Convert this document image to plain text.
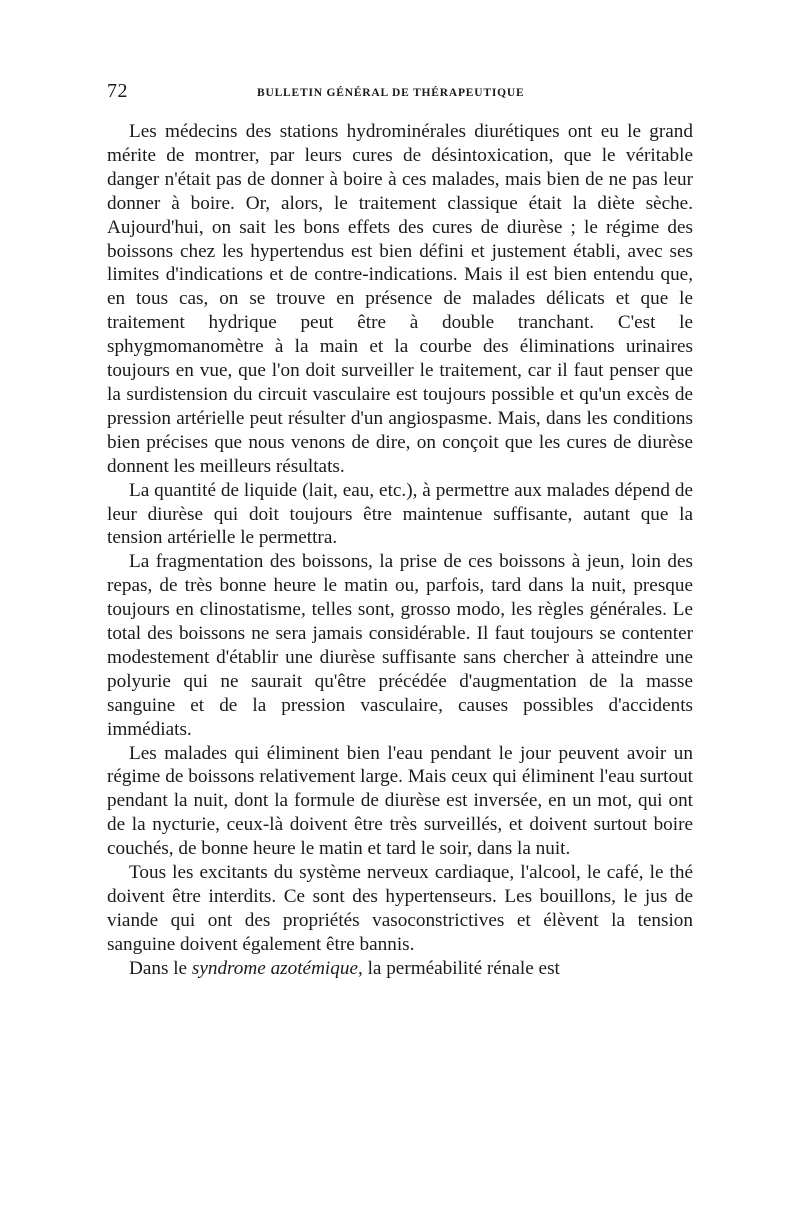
72	BULLETIN GÉNÉRAL DE THÉRAPEUTIQUE

Les médecins des stations hydrominérales diurétiques ont eu le grand mérite de montrer, par leurs cures de désintoxication, que le véritable danger n'était pas de donner à boire à ces malades, mais bien de ne pas leur donner à boire. Or, alors, le traitement classique était la diète sèche. Aujourd'hui, on sait les bons effets des cures de diurèse ; le régime des boissons chez les hypertendus est bien défini et justement établi, avec ses limites d'indications et de contre-indications. Mais il est bien entendu que, en tous cas, on se trouve en présence de malades délicats et que le traitement hydrique peut être à double tranchant. C'est le sphygmomanomètre à la main et la courbe des éliminations urinaires toujours en vue, que l'on doit surveiller le traitement, car il faut penser que la surdistension du circuit vasculaire est toujours possible et qu'un excès de pression artérielle peut résulter d'un angiospasme. Mais, dans les conditions bien précises que nous venons de dire, on conçoit que les cures de diurèse donnent les meilleurs résultats.

La quantité de liquide (lait, eau, etc.), à permettre aux malades dépend de leur diurèse qui doit toujours être maintenue suffisante, autant que la tension artérielle le permettra.

La fragmentation des boissons, la prise de ces boissons à jeun, loin des repas, de très bonne heure le matin ou, parfois, tard dans la nuit, presque toujours en clinostatisme, telles sont, grosso modo, les règles générales. Le total des boissons ne sera jamais considérable. Il faut toujours se contenter modestement d'établir une diurèse suffisante sans chercher à atteindre une polyurie qui ne saurait qu'être précédée d'augmentation de la masse sanguine et de la pression vasculaire, causes possibles d'accidents immédiats.

Les malades qui éliminent bien l'eau pendant le jour peuvent avoir un régime de boissons relativement large. Mais ceux qui éliminent l'eau surtout pendant la nuit, dont la formule de diurèse est inversée, en un mot, qui ont de la nycturie, ceux-là doivent être très surveillés, et doivent surtout boire couchés, de bonne heure le matin et tard le soir, dans la nuit.

Tous les excitants du système nerveux cardiaque, l'alcool, le café, le thé doivent être interdits. Ce sont des hypertenseurs. Les bouillons, le jus de viande qui ont des propriétés vasoconstrictives et élèvent la tension sanguine doivent également être bannis.

Dans le syndrome azotémique, la perméabilité rénale est
